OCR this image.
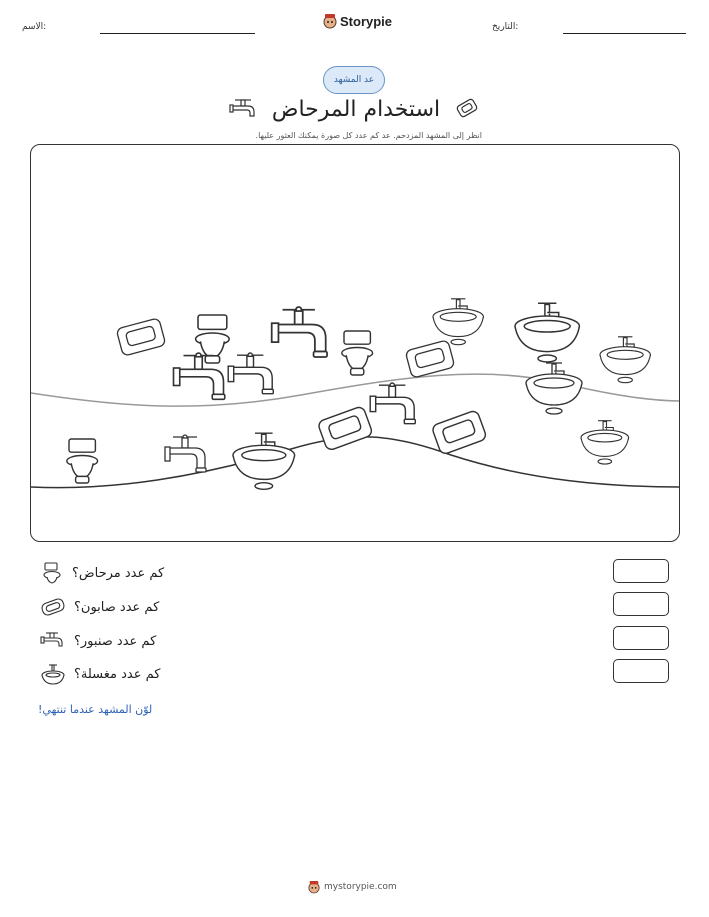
الاسم:	Storypie	التاريخ:
عد المشهد
استخدام المرحاض
انظر إلى المشهد المزدحم. عد كم عدد كل صورة يمكنك العثور عليها.
كم عدد مرحاض؟
كم عدد صابون؟
كم عدد صنبور؟
كم عدد مغسلة؟
لوّن المشهد عندما تنتهي!
mystorypie.com
